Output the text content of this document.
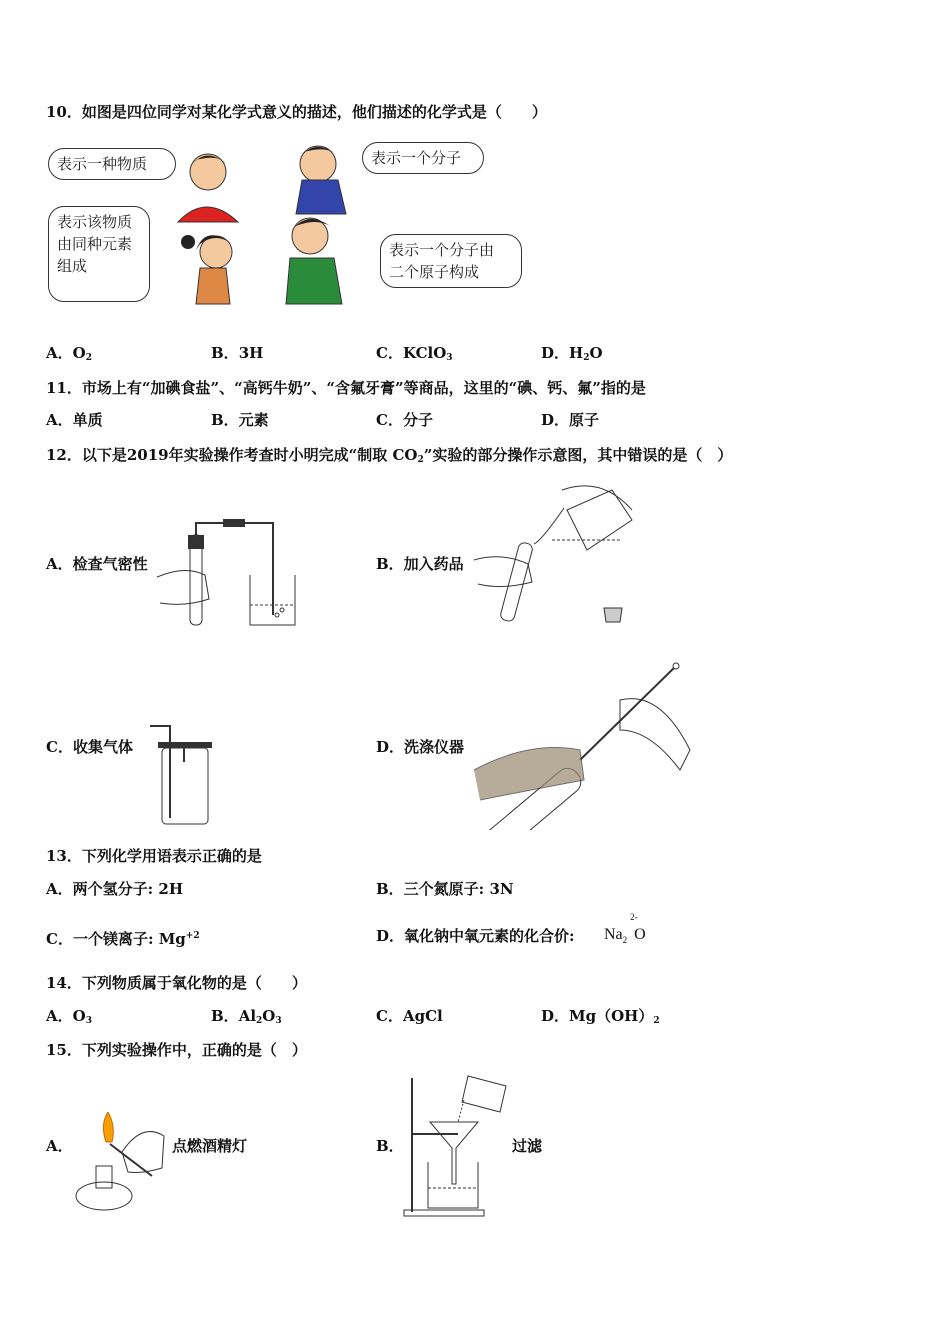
10．如图是四位同学对某化学式意义的描述，他们描述的化学式是（　　）
表示一种物质	表示一个分子
表示该物质
由同种元素
组成
表示一个分子由
二个原子构成
A．$O_2$	B．3H	C．KClO$_3$	D．$H_2O$
11．市场上有“加碘食盐”、“高钙牛奶”、“含氟牙膏”等商品，这里的“碘、钙、氟”指的是
A．单质	B．元素	C．分子	D．原子
12．以下是2019年实验操作考查时小明完成“制取 $CO_2$”实验的部分操作示意图，其中错误的是（　）
A．检查气密性	B．加入药品
C．收集气体	D．洗涤仪器
13．下列化学用语表示正确的是
A．两个氢分子: 2H	B．三个氮原子: 3N
C．一个镁离子: $Mg^{+2}$	D．氧化钠中氧元素的化合价: $Na_2$ O
2-
14．下列物质属于氧化物的是（　　）
A．$O_3$	B．$Al_2O_3$	C．AgCl	D．$Mg(OH)_2$
15．下列实验操作中，正确的是（　）
A．	点燃酒精灯	B．	过滤
